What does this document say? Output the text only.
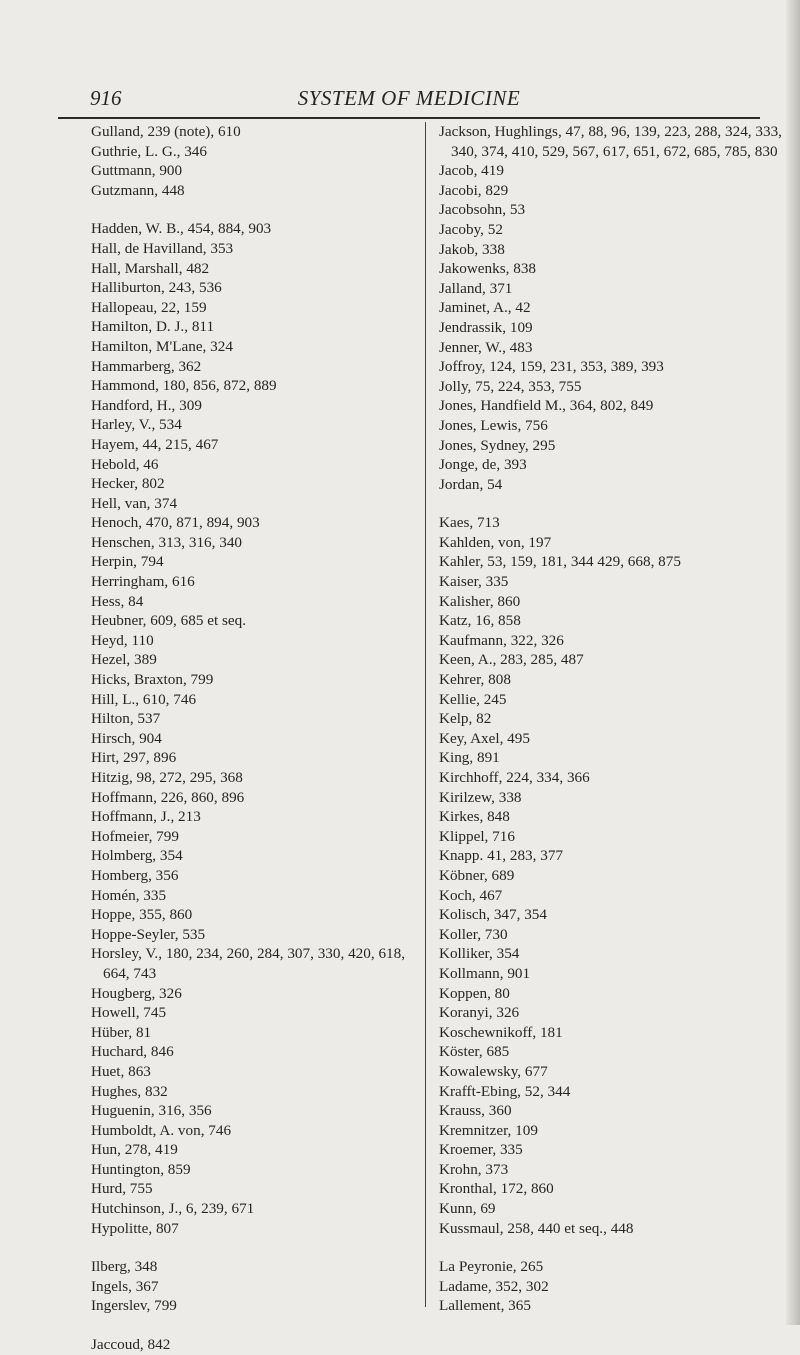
916	SYSTEM OF MEDICINE
Gulland, 239 (note), 610
Guthrie, L. G., 346
Guttmann, 900
Gutzmann, 448
Hadden, W. B., 454, 884, 903
Hall, de Havilland, 353
Hall, Marshall, 482
Halliburton, 243, 536
Hallopeau, 22, 159
Hamilton, D. J., 811
Hamilton, M'Lane, 324
Hammarberg, 362
Hammond, 180, 856, 872, 889
Handford, H., 309
Harley, V., 534
Hayem, 44, 215, 467
Hebold, 46
Hecker, 802
Hell, van, 374
Henoch, 470, 871, 894, 903
Henschen, 313, 316, 340
Herpin, 794
Herringham, 616
Hess, 84
Heubner, 609, 685 et seq.
Heyd, 110
Hezel, 389
Hicks, Braxton, 799
Hill, L., 610, 746
Hilton, 537
Hirsch, 904
Hirt, 297, 896
Hitzig, 98, 272, 295, 368
Hoffmann, 226, 860, 896
Hoffmann, J., 213
Hofmeier, 799
Holmberg, 354
Homberg, 356
Homén, 335
Hoppe, 355, 860
Hoppe-Seyler, 535
Horsley, V., 180, 234, 260, 284, 307, 330, 420, 618, 664, 743
Hougberg, 326
Howell, 745
Hüber, 81
Huchard, 846
Huet, 863
Hughes, 832
Huguenin, 316, 356
Humboldt, A. von, 746
Hun, 278, 419
Huntington, 859
Hurd, 755
Hutchinson, J., 6, 239, 671
Hypolitte, 807
Ilberg, 348
Ingels, 367
Ingerslev, 799
Jaccoud, 842
Jackson, Hughlings, 47, 88, 96, 139, 223, 288, 324, 333, 340, 374, 410, 529, 567, 617, 651, 672, 685, 785, 830
Jacob, 419
Jacobi, 829
Jacobsohn, 53
Jacoby, 52
Jakob, 338
Jakowenks, 838
Jalland, 371
Jaminet, A., 42
Jendrassik, 109
Jenner, W., 483
Joffroy, 124, 159, 231, 353, 389, 393
Jolly, 75, 224, 353, 755
Jones, Handfield M., 364, 802, 849
Jones, Lewis, 756
Jones, Sydney, 295
Jonge, de, 393
Jordan, 54
Kaes, 713
Kahlden, von, 197
Kahler, 53, 159, 181, 344 429, 668, 875
Kaiser, 335
Kalisher, 860
Katz, 16, 858
Kaufmann, 322, 326
Keen, A., 283, 285, 487
Kehrer, 808
Kellie, 245
Kelp, 82
Key, Axel, 495
King, 891
Kirchhoff, 224, 334, 366
Kirilzew, 338
Kirkes, 848
Klippel, 716
Knapp. 41, 283, 377
Köbner, 689
Koch, 467
Kolisch, 347, 354
Koller, 730
Kolliker, 354
Kollmann, 901
Koppen, 80
Koranyi, 326
Koschewnikoff, 181
Köster, 685
Kowalewsky, 677
Krafft-Ebing, 52, 344
Krauss, 360
Kremnitzer, 109
Kroemer, 335
Krohn, 373
Kronthal, 172, 860
Kunn, 69
Kussmaul, 258, 440 et seq., 448
La Peyronie, 265
Ladame, 352, 302
Lallement, 365
